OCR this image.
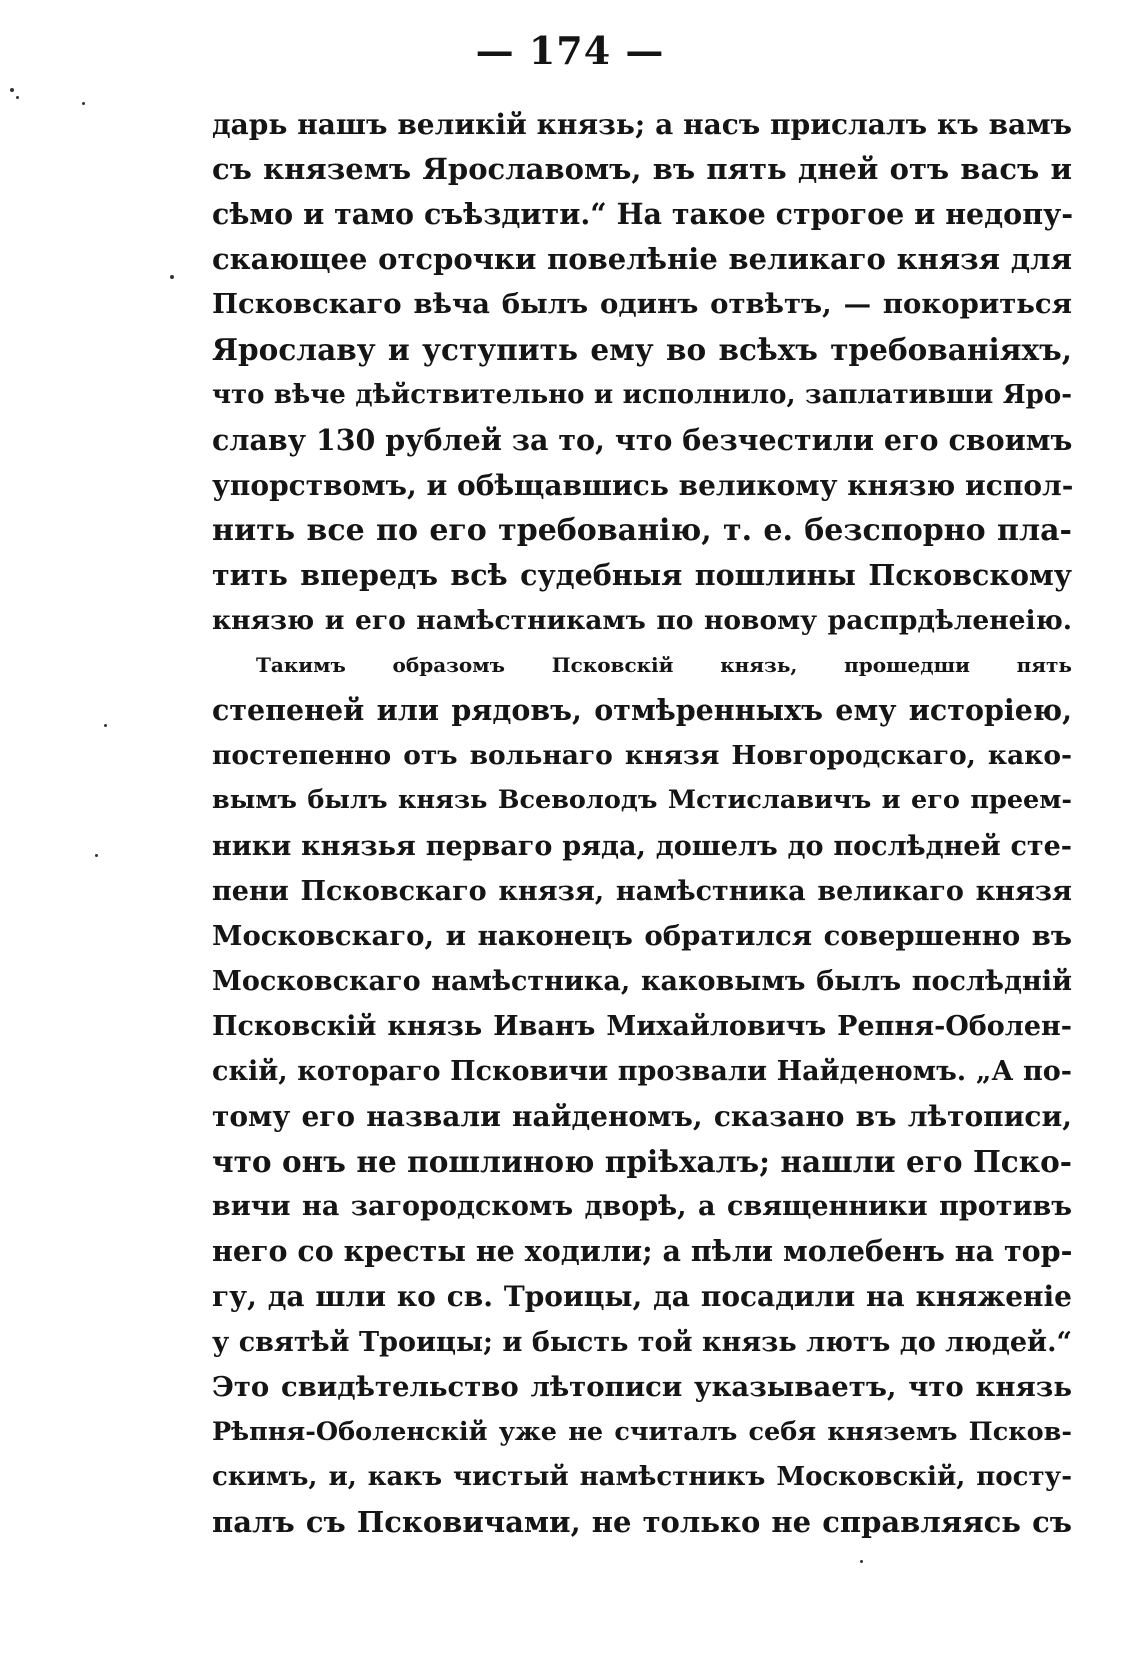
— 174 —
дарь нашъ великій князь; а насъ прислалъ къ вамъ
съ княземъ Ярославомъ, въ пять дней отъ васъ и
сѣмо и тамо съѣздити.“ На такое строгое и недопу-
скающее отсрочки повелѣніе великаго князя для
Псковскаго вѣча былъ одинъ отвѣтъ, — покориться
Ярославу и уступить ему во всѣхъ требованіяхъ,
что вѣче дѣйствительно и исполнило, заплативши Яро-
славу 130 рублей за то, что безчестили его своимъ
упорствомъ, и обѣщавшись великому князю испол-
нить все по его требованію, т. е. безспорно пла-
тить впередъ всѣ судебныя пошлины Псковскому
князю и его намѣстникамъ по новому распрдѣленеію.
Такимъ образомъ Псковскій князь, прошедши пять
степеней или рядовъ, отмѣренныхъ ему исторіею,
постепенно отъ вольнаго князя Новгородскаго, како-
вымъ былъ князь Всеволодъ Мстиславичъ и его преем-
ники князья перваго ряда, дошелъ до послѣдней сте-
пени Псковскаго князя, намѣстника великаго князя
Московскаго, и наконецъ обратился совершенно въ
Московскаго намѣстника, каковымъ былъ послѣдній
Псковскій князь Иванъ Михайловичъ Репня-Оболен-
скій, котораго Псковичи прозвали Найденомъ. „А по-
тому его назвали найденомъ, сказано въ лѣтописи,
что онъ не пошлиною пріѣхалъ; нашли его Пско-
вичи на загородскомъ дворѣ, а священники противъ
него со кресты не ходили; а пѣли молебенъ на тор-
гу, да шли ко св. Троицы, да посадили на княженіе
у святѣй Троицы; и бысть той князь лютъ до людей.“
Это свидѣтельство лѣтописи указываетъ, что князь
Рѣпня-Оболенскій уже не считалъ себя княземъ Псков-
скимъ, и, какъ чистый намѣстникъ Московскій, посту-
палъ съ Псковичами, не только не справляясь съ
